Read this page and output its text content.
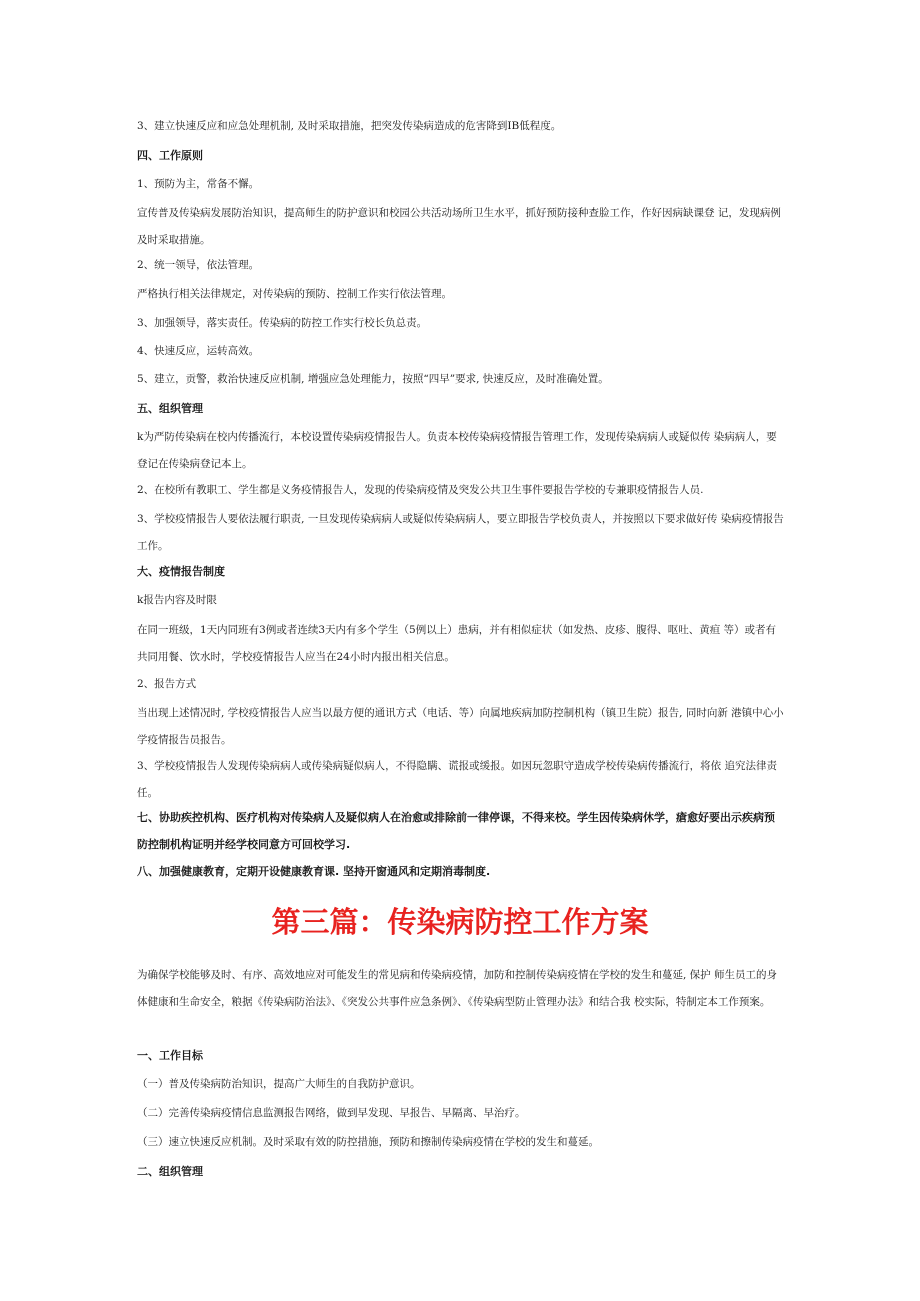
3、建立快速反应和应急处理机制, 及时采取措施，把突发传染病造成的危害降到IB低程度。

四、工作原则

1、预防为主，常备不懈。

宣传普及传染病发展防治知识，提高师生的防护意识和校园公共活动场所卫生水平，抓好预防接种查脸工作，作好因病缺课登 记，发现病例及时采取措施。

2、统一领导，依法管理。

严格执行相关法律规定，对传染病的预防、控制工作实行依法管理。

3、加强领导，落实责任。传染病的防控工作实行校长负总责。

4、快速反应，运转高效。

5、建立，贡警，救治快速反应机制, 增强应急处理能力，按照“四早”要求, 快速反应，及时准确处置。

五、组织管理

k为严防传染病在校内传播流行，本校设置传染病疫情报告人。负责本校传染病疫情报告管理工作，发现传染病病人或疑似传 染病病人，要登记在传染病登记本上。

2、在校所有教职工、学生都是义务疫情报告人，发现的传染病疫情及突发公共卫生事件要报告学校的专兼职疫情报告人员.

3、学校疫情报告人要依法履行职责, 一旦发现传染病病人或疑似传染病病人，要立即报告学校负责人，并按照以下要求做好传 染病疫情报告工作。

大、疫情报告制度

k报告内容及时限

在同一班级，1天内同班有3例或者连续3天内有多个学生（5例以上）患病，并有相似症状（如发热、皮疹、腹得、呕吐、黄疸 等）或者有共同用餐、饮水时，学校疫情报告人应当在24小时内报出相关信息。

2、报告方式

当出现上述情况时, 学校疫情报告人应当以最方便的通讯方式（电话、等）向属地疾病加防控制机构（镇卫生院）报告, 同时向新 港镇中心小学疫情报告员报告。

3、学校疫情报告人发现传染病病人或传染病疑似病人，不得隐瞒、谎报或缓报。如因玩忽职守造成学校传染病传播流行，将依 追究法律责任。

七、协助疾控机构、医疗机构对传染病人及疑似病人在治愈或排除前一律停课，不得来校。学生因传染病休学，瘡愈好要出示疾病预防控制机构证明并经学校同意方可回校学习.

八、加强健康教育，定期开设健康教育课. 坚持开窗通风和定期消毒制度.

第三篇：传染病防控工作方案

为确保学校能够及时、有序、高效地应对可能发生的常见病和传染病疫情，加防和控制传染病疫情在学校的发生和蔓延, 保护 师生员工的身体健康和生命安全，粮据《传染病防治法》、《突发公共事件应急条例》、《传染病型防止管理办法》和结合我 校实际，特制定本工作预案。

一、工作目标

（一）普及传染病防治知识，提高广大师生的自我防护意识。

（二）完善传染病疫情信息监测报告网络，做到早发现、早报告、早隔离、早治疗。

（三）速立快速反应机制。及时采取有效的防控措施，预防和擦制传染病疫情在学校的发生和蔓延。

二、组织管理
